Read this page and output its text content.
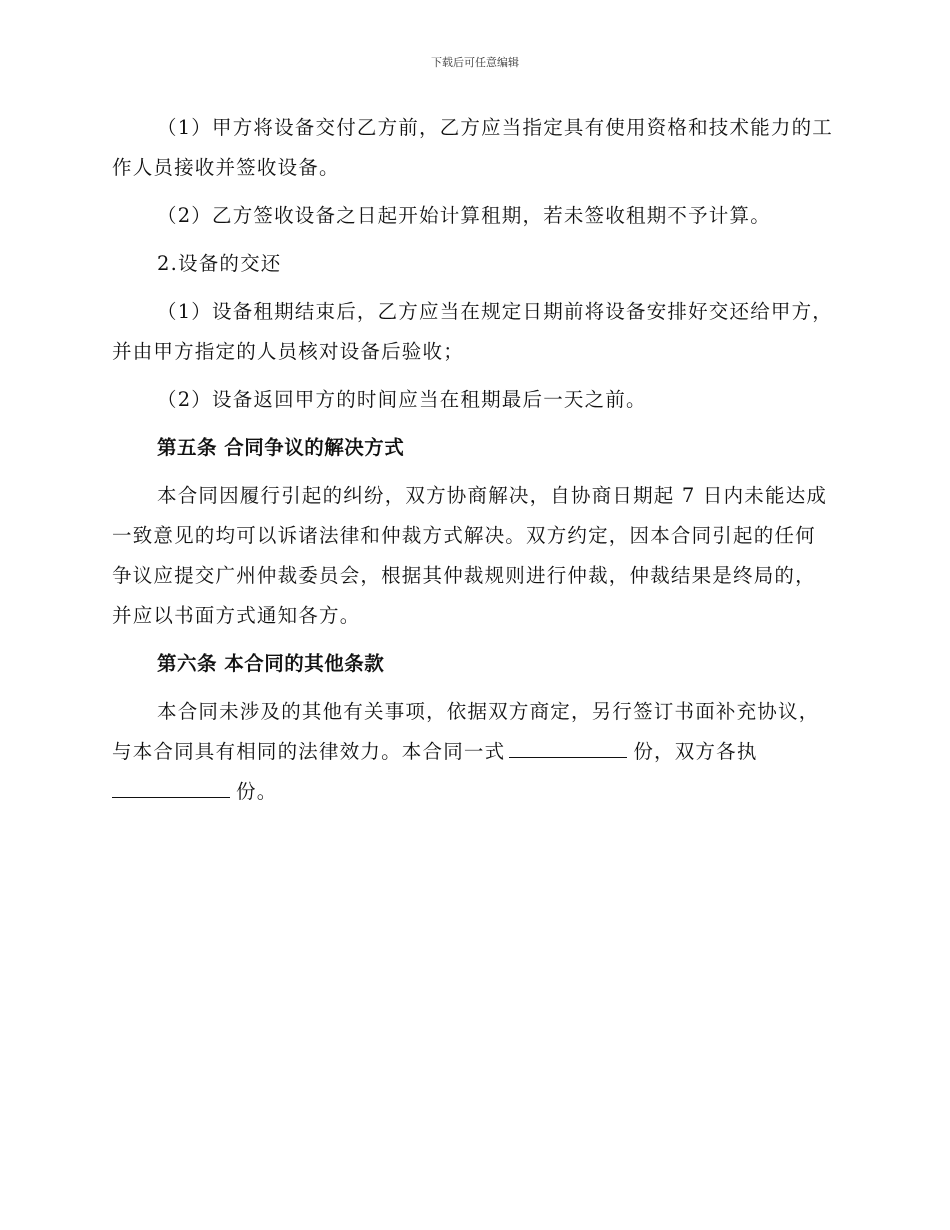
下载后可任意编辑

（1）甲方将设备交付乙方前，乙方应当指定具有使用资格和技术能力的工作人员接收并签收设备。

（2）乙方签收设备之日起开始计算租期，若未签收租期不予计算。

2.设备的交还

（1）设备租期结束后，乙方应当在规定日期前将设备安排好交还给甲方，并由甲方指定的人员核对设备后验收；

（2）设备返回甲方的时间应当在租期最后一天之前。

第五条 合同争议的解决方式

本合同因履行引起的纠纷，双方协商解决，自协商日期起 7 日内未能达成一致意见的均可以诉诸法律和仲裁方式解决。双方约定，因本合同引起的任何争议应提交广州仲裁委员会，根据其仲裁规则进行仲裁，仲裁结果是终局的，并应以书面方式通知各方。

第六条 本合同的其他条款

本合同未涉及的其他有关事项，依据双方商定，另行签订书面补充协议，与本合同具有相同的法律效力。本合同一式	份，双方各执份。
